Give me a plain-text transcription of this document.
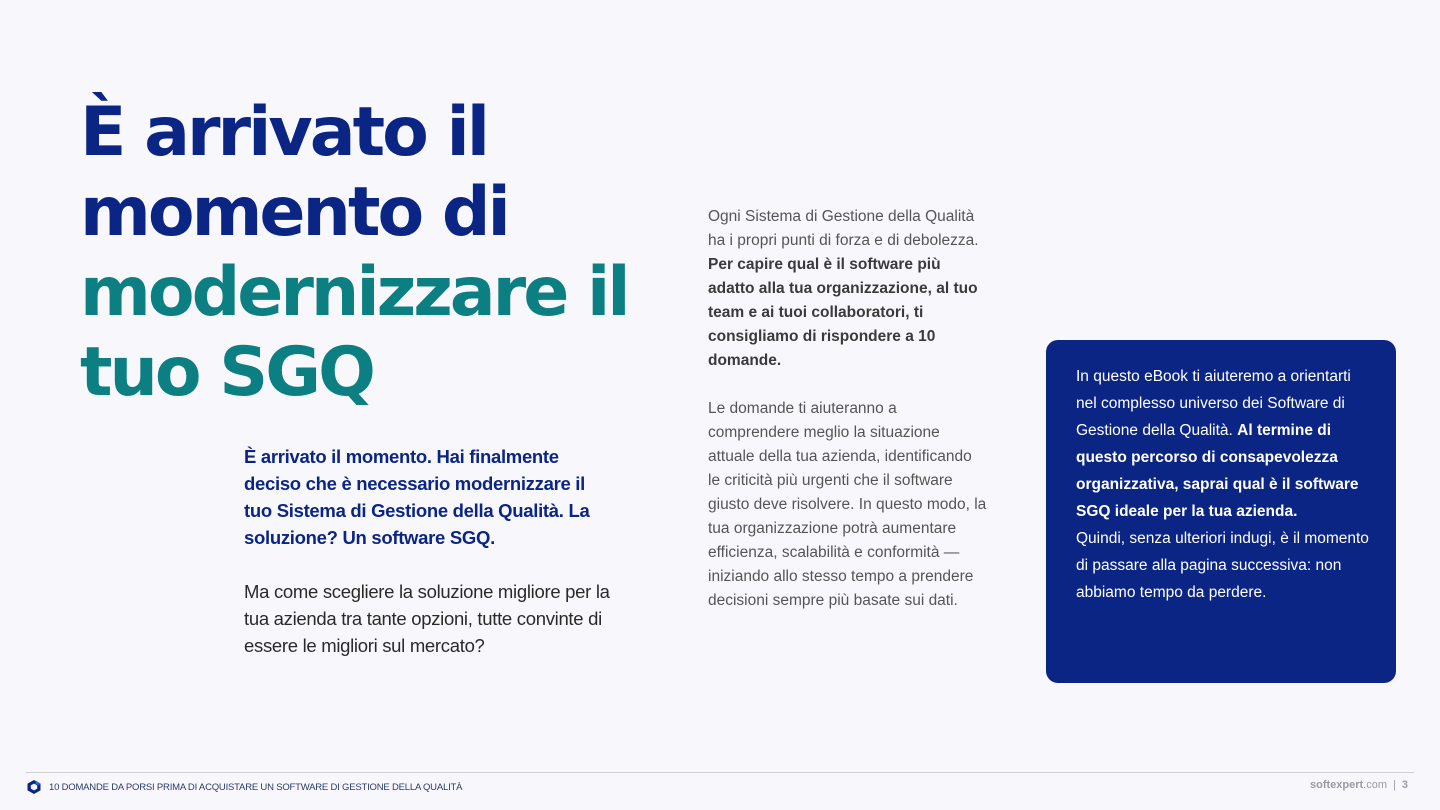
È arrivato il
momento di
modernizzare il
tuo SGQ

È arrivato il momento. Hai finalmente deciso che è necessario modernizzare il tuo Sistema di Gestione della Qualità. La soluzione? Un software SGQ.

Ma come scegliere la soluzione migliore per la tua azienda tra tante opzioni, tutte convinte di essere le migliori sul mercato?

Ogni Sistema di Gestione della Qualità ha i propri punti di forza e di debolezza. Per capire qual è il software più adatto alla tua organizzazione, al tuo team e ai tuoi collaboratori, ti consigliamo di rispondere a 10 domande.

Le domande ti aiuteranno a comprendere meglio la situazione attuale della tua azienda, identificando le criticità più urgenti che il software giusto deve risolvere. In questo modo, la tua organizzazione potrà aumentare efficienza, scalabilità e conformità — iniziando allo stesso tempo a prendere decisioni sempre più basate sui dati.

In questo eBook ti aiuteremo a orientarti nel complesso universo dei Software di Gestione della Qualità. Al termine di questo percorso di consapevolezza organizzativa, saprai qual è il software SGQ ideale per la tua azienda.
Quindi, senza ulteriori indugi, è il momento di passare alla pagina successiva: non abbiamo tempo da perdere.

10 DOMANDE DA PORSI PRIMA DI ACQUISTARE UN SOFTWARE DI GESTIONE DELLA QUALITÀ	softexpert.com | 3
